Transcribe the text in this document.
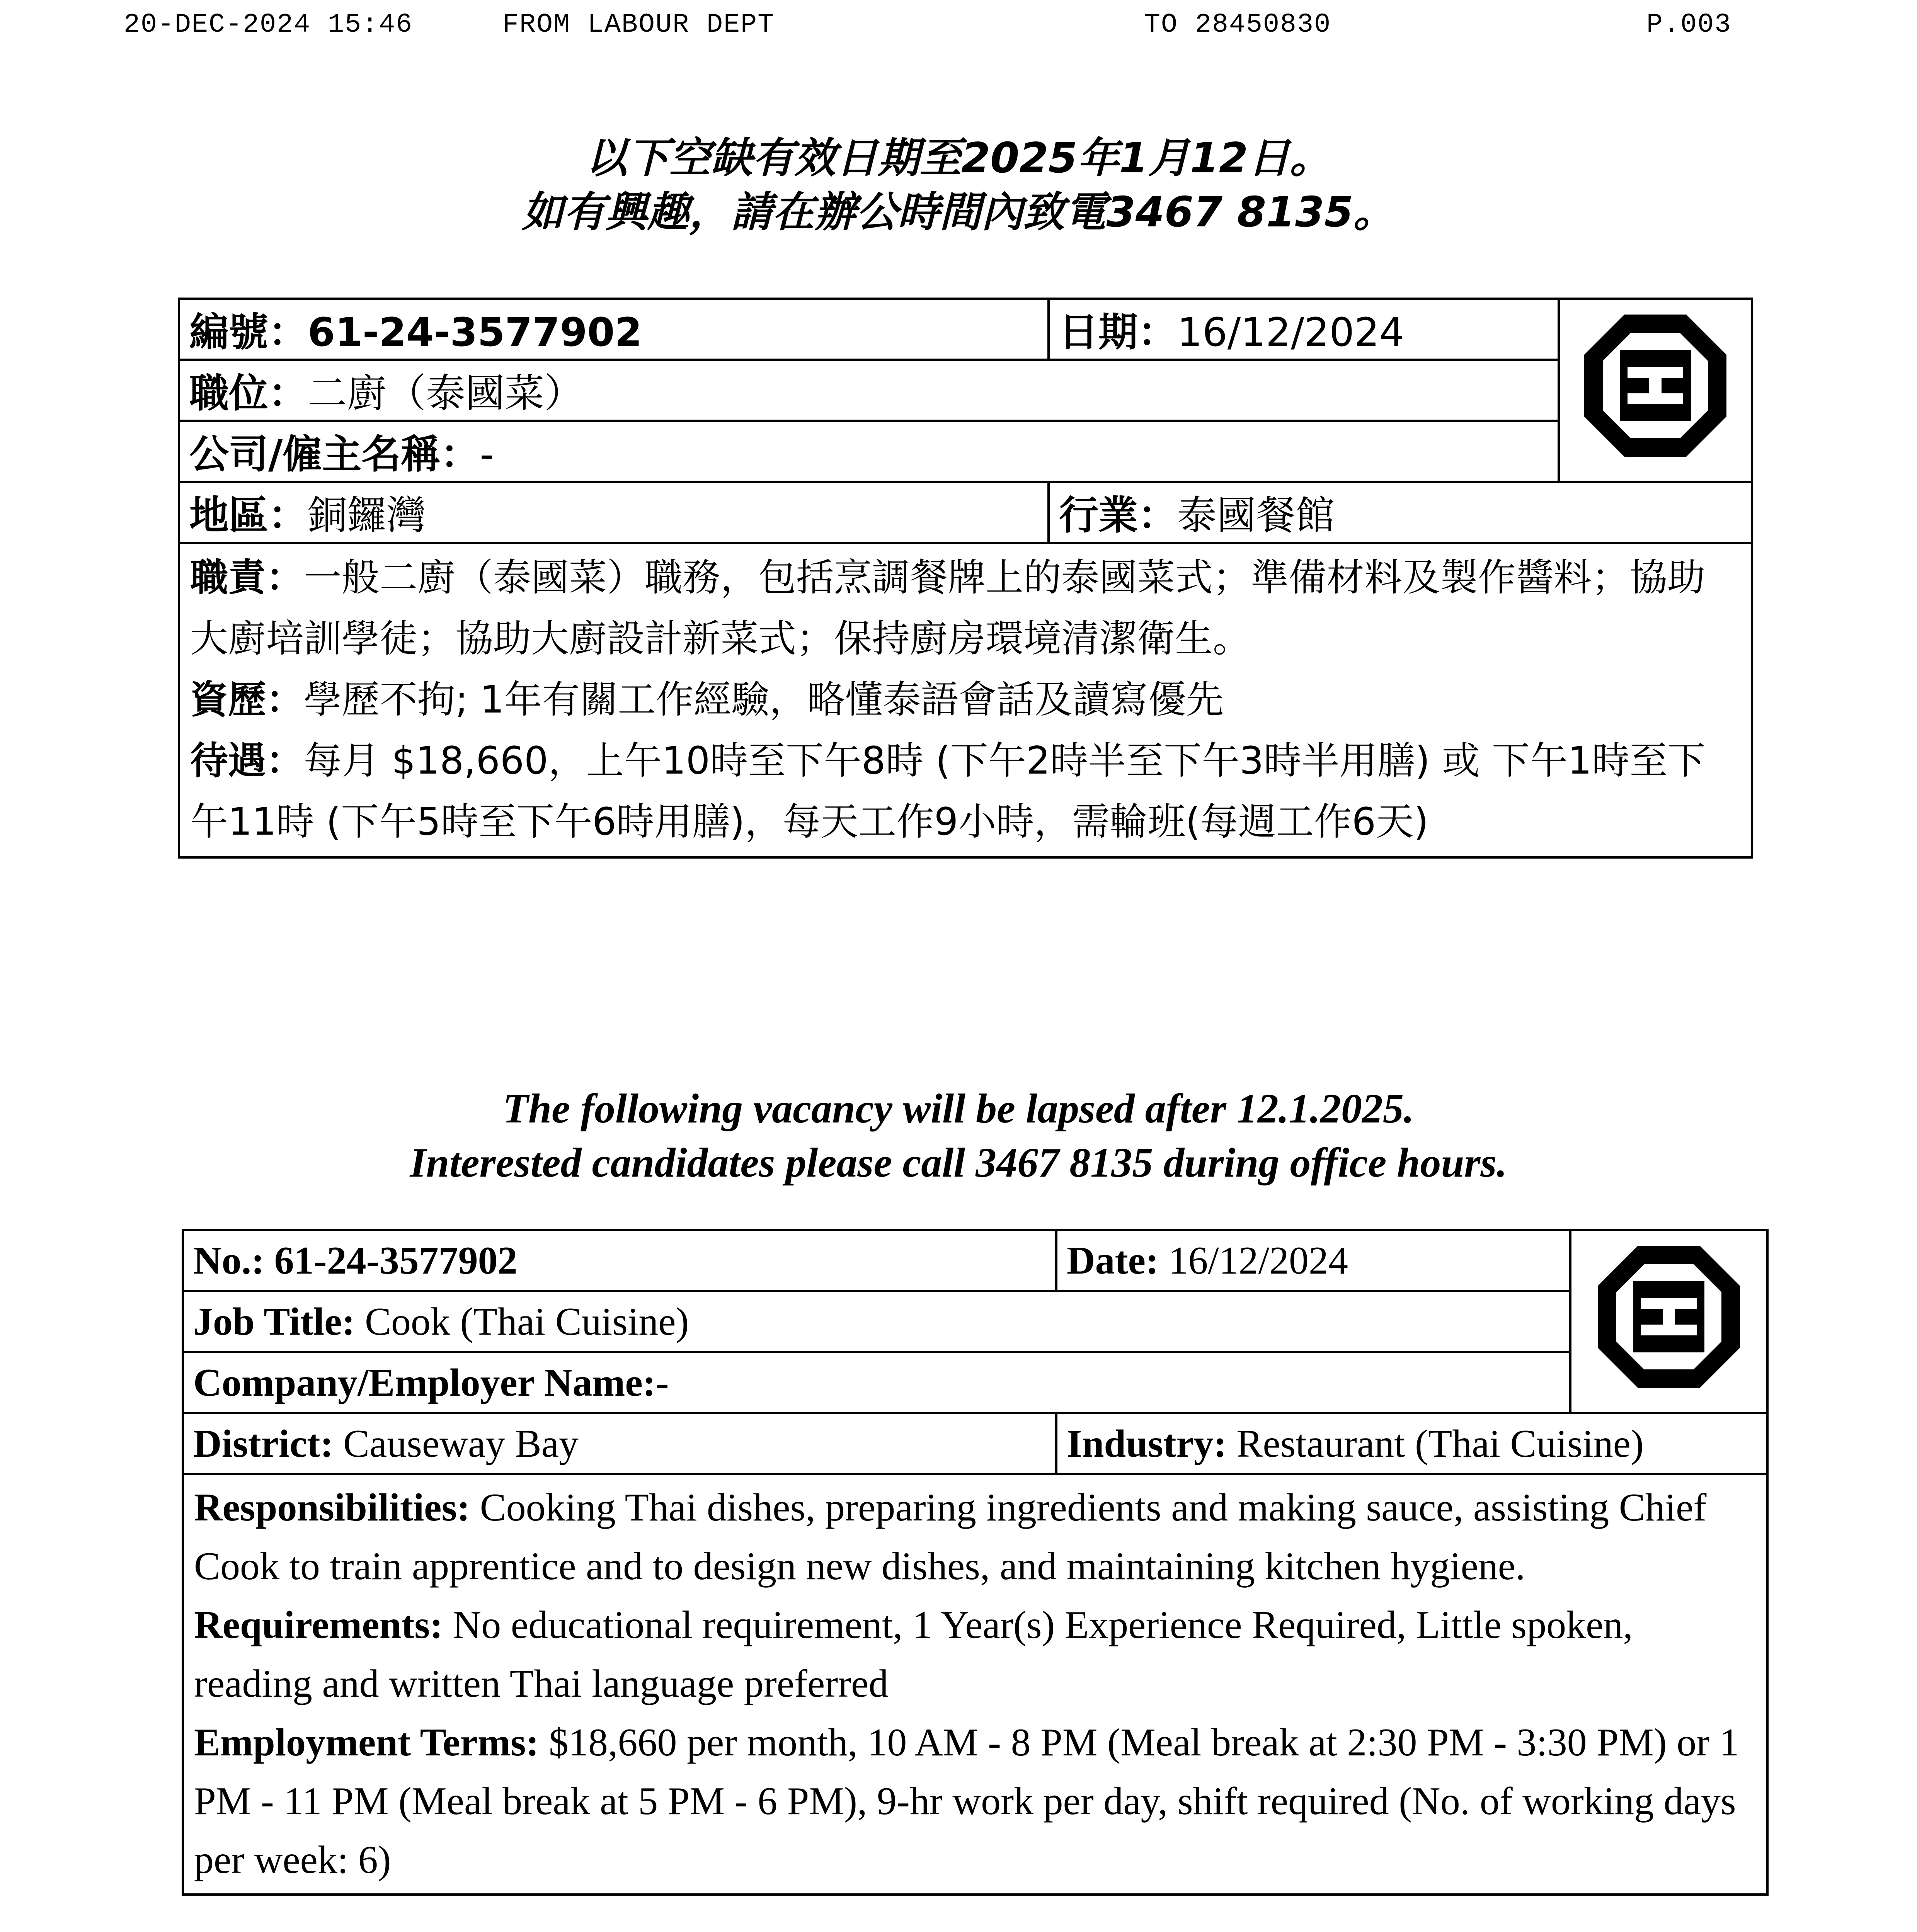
20-DEC-2024 15:46	FROM LABOUR DEPT	TO 28450830	P.003
以下空缺有效日期至2025年1月12日。
如有興趣，請在辦公時間內致電3467 8135。
編號：61-24-3577902	日期：16/12/2024	
職位：二廚（泰國菜）		
公司/僱主名稱：-		
地區：銅鑼灣	行業：泰國餐館	

職責：一般二廚（泰國菜）職務，包括烹調餐牌上的泰國菜式；準備材料及製作醬料；協助大廚培訓學徒；協助大廚設計新菜式；保持廚房環境清潔衛生。
資歷：學歷不拘; 1年有關工作經驗，略懂泰語會話及讀寫優先
待遇：每月 $18,660，上午10時至下午8時 (下午2時半至下午3時半用膳) 或 下午1時至下午11時 (下午5時至下午6時用膳)，每天工作9小時，需輪班(每週工作6天)		
The following vacancy will be lapsed after 12.1.2025.
Interested candidates please call 3467 8135 during office hours.
No.: 61-24-3577902	Date: 16/12/2024	
Job Title: Cook (Thai Cuisine)		
Company/Employer Name:-		
District: Causeway Bay	Industry: Restaurant (Thai Cuisine)	

Responsibilities: Cooking Thai dishes, preparing ingredients and making sauce, assisting Chief Cook to train apprentice and to design new dishes, and maintaining kitchen hygiene.
Requirements: No educational requirement, 1 Year(s) Experience Required, Little spoken, reading and written Thai language preferred
Employment Terms: $18,660 per month, 10 AM - 8 PM (Meal break at 2:30 PM - 3:30 PM) or 1 PM - 11 PM (Meal break at 5 PM - 6 PM), 9-hr work per day, shift required (No. of working days per week: 6)		
